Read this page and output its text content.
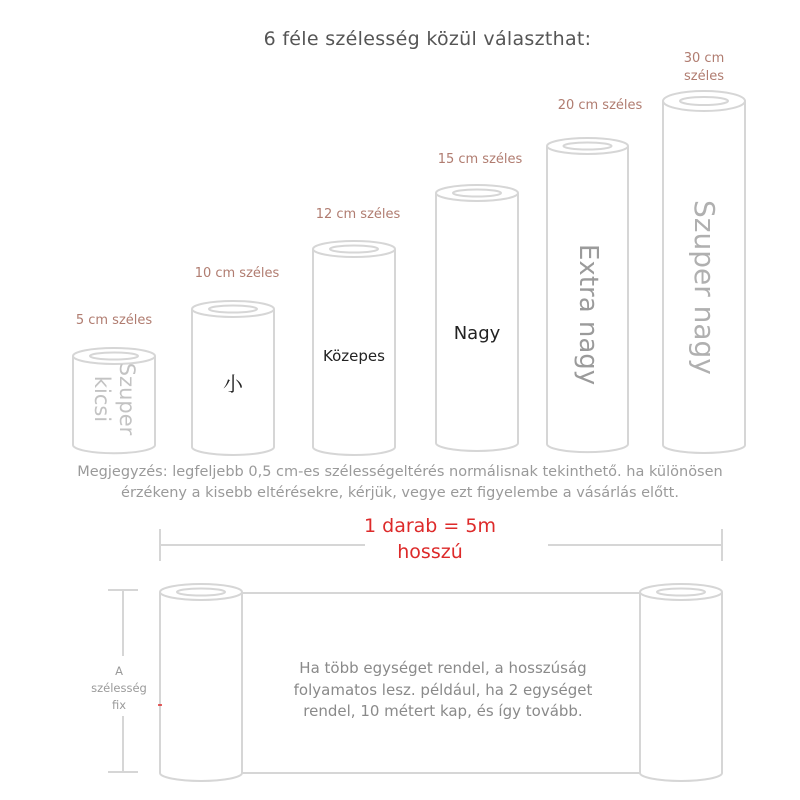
6 féle szélesség közül választhat:
5 cm széles
10 cm széles
12 cm széles
15 cm széles
20 cm széles
30 cm
széles
Szuper
kicsi	小
Közepes
Nagy	Extra nagy	Szuper nagy
Megjegyzés: legfeljebb 0,5 cm-es szélességeltérés normálisnak tekinthető. ha különösen
érzékeny a kisebb eltérésekre, kérjük, vegye ezt figyelembe a vásárlás előtt.
1 darab = 5m
hosszú
A
szélesség
fix
Ha több egységet rendel, a hosszúság
folyamatos lesz. például, ha 2 egységet
rendel, 10 métert kap, és így tovább.
